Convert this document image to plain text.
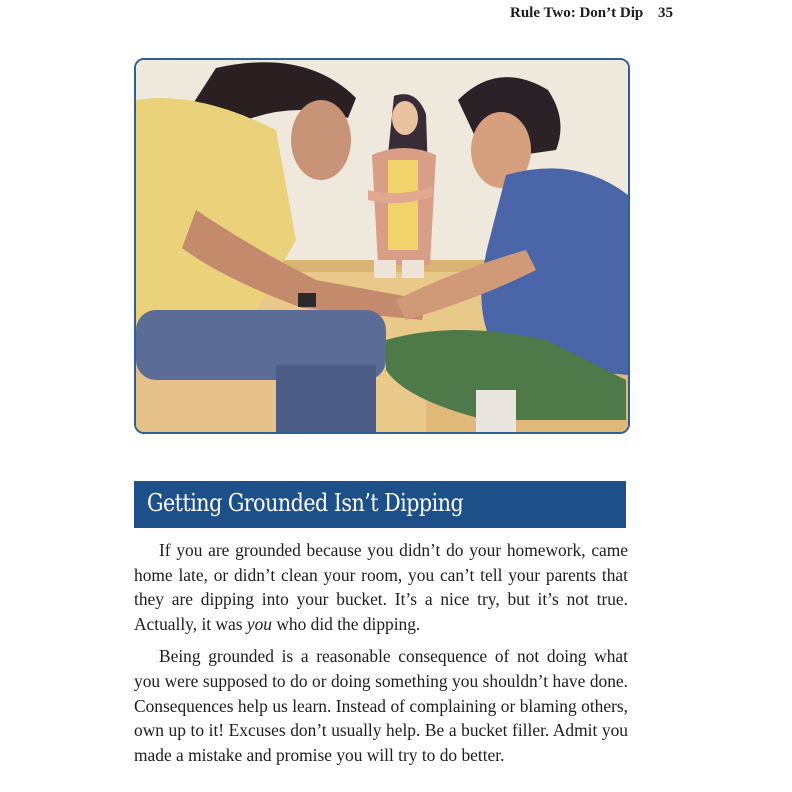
Rule Two: Don’t Dip 35
Getting Grounded Isn’t Dipping

If you are grounded because you didn’t do your homework, came home late, or didn’t clean your room, you can’t tell your parents that they are dipping into your bucket. It’s a nice try, but it’s not true. Actually, it was you who did the dipping.

Being grounded is a reasonable consequence of not doing what you were supposed to do or doing something you shouldn’t have done. Consequences help us learn. Instead of complaining or blaming others, own up to it! Excuses don’t usually help. Be a bucket filler. Admit you made a mistake and promise you will try to do better.
